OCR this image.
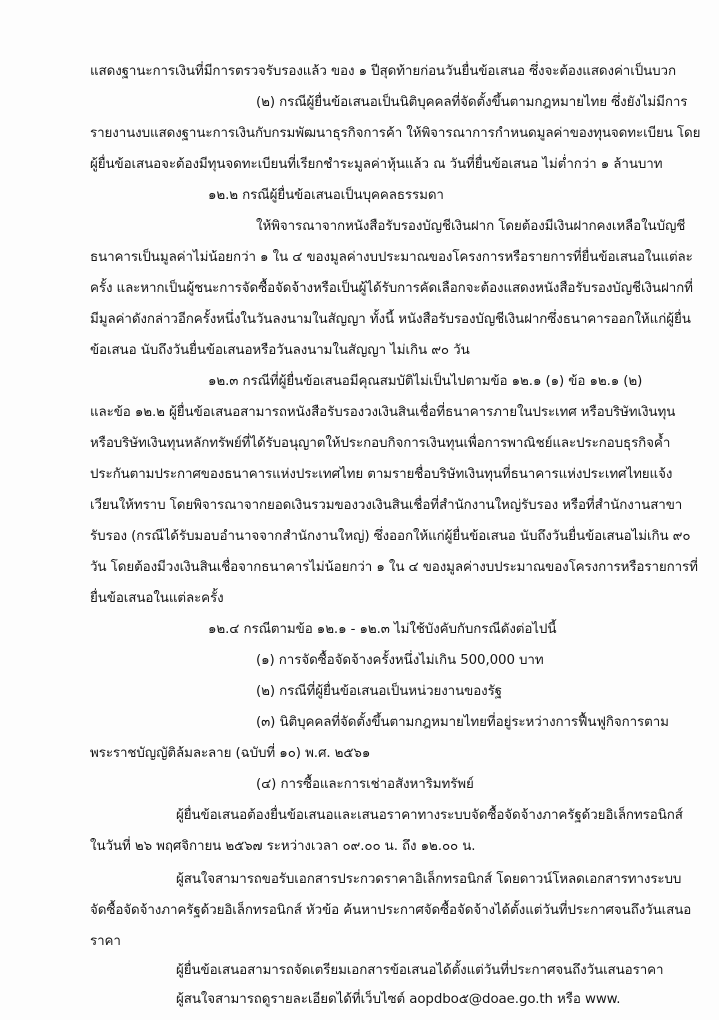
แสดงฐานะการเงินที่มีการตรวจรับรองแล้ว ของ ๑ ปีสุดท้ายก่อนวันยื่นข้อเสนอ ซึ่งจะต้องแสดงค่าเป็นบวก
(๒) กรณีผู้ยื่นข้อเสนอเป็นนิติบุคคลที่จัดตั้งขึ้นตามกฎหมายไทย ซึ่งยังไม่มีการ
รายงานงบแสดงฐานะการเงินกับกรมพัฒนาธุรกิจการค้า ให้พิจารณาการกำหนดมูลค่าของทุนจดทะเบียน โดย
ผู้ยื่นข้อเสนอจะต้องมีทุนจดทะเบียนที่เรียกชำระมูลค่าหุ้นแล้ว ณ วันที่ยื่นข้อเสนอ ไม่ต่ำกว่า ๑ ล้านบาท
๑๒.๒ กรณีผู้ยื่นข้อเสนอเป็นบุคคลธรรมดา
ให้พิจารณาจากหนังสือรับรองบัญชีเงินฝาก โดยต้องมีเงินฝากคงเหลือในบัญชี
ธนาคารเป็นมูลค่าไม่น้อยกว่า ๑ ใน ๔ ของมูลค่างบประมาณของโครงการหรือรายการที่ยื่นข้อเสนอในแต่ละ
ครั้ง และหากเป็นผู้ชนะการจัดซื้อจัดจ้างหรือเป็นผู้ได้รับการคัดเลือกจะต้องแสดงหนังสือรับรองบัญชีเงินฝากที่
มีมูลค่าดังกล่าวอีกครั้งหนึ่งในวันลงนามในสัญญา ทั้งนี้ หนังสือรับรองบัญชีเงินฝากซึ่งธนาคารออกให้แก่ผู้ยื่น
ข้อเสนอ นับถึงวันยื่นข้อเสนอหรือวันลงนามในสัญญา ไม่เกิน ๙๐ วัน
๑๒.๓ กรณีที่ผู้ยื่นข้อเสนอมีคุณสมบัติไม่เป็นไปตามข้อ ๑๒.๑ (๑) ข้อ ๑๒.๑ (๒)
และข้อ ๑๒.๒ ผู้ยื่นข้อเสนอสามารถหนังสือรับรองวงเงินสินเชื่อที่ธนาคารภายในประเทศ หรือบริษัทเงินทุน
หรือบริษัทเงินทุนหลักทรัพย์ที่ได้รับอนุญาตให้ประกอบกิจการเงินทุนเพื่อการพาณิชย์และประกอบธุรกิจค้ำ
ประกันตามประกาศของธนาคารแห่งประเทศไทย ตามรายชื่อบริษัทเงินทุนที่ธนาคารแห่งประเทศไทยแจ้ง
เวียนให้ทราบ โดยพิจารณาจากยอดเงินรวมของวงเงินสินเชื่อที่สำนักงานใหญ่รับรอง หรือที่สำนักงานสาขา
รับรอง (กรณีได้รับมอบอำนาจจากสำนักงานใหญ่) ซึ่งออกให้แก่ผู้ยื่นข้อเสนอ นับถึงวันยื่นข้อเสนอไม่เกิน ๙๐
วัน โดยต้องมีวงเงินสินเชื่อจากธนาคารไม่น้อยกว่า ๑ ใน ๔ ของมูลค่างบประมาณของโครงการหรือรายการที่
ยื่นข้อเสนอในแต่ละครั้ง
๑๒.๔ กรณีตามข้อ ๑๒.๑ - ๑๒.๓ ไม่ใช้บังคับกับกรณีดังต่อไปนี้
(๑) การจัดซื้อจัดจ้างครั้งหนึ่งไม่เกิน 500,000 บาท
(๒) กรณีที่ผู้ยื่นข้อเสนอเป็นหน่วยงานของรัฐ
(๓) นิติบุคคลที่จัดตั้งขึ้นตามกฎหมายไทยที่อยู่ระหว่างการฟื้นฟูกิจการตาม
พระราชบัญญัติล้มละลาย (ฉบับที่ ๑๐) พ.ศ. ๒๕๖๑
(๔) การซื้อและการเช่าอสังหาริมทรัพย์
ผู้ยื่นข้อเสนอต้องยื่นข้อเสนอและเสนอราคาทางระบบจัดซื้อจัดจ้างภาครัฐด้วยอิเล็กทรอนิกส์
ในวันที่ ๒๖ พฤศจิกายน ๒๕๖๗ ระหว่างเวลา ๐๙.๐๐ น. ถึง ๑๒.๐๐ น.
ผู้สนใจสามารถขอรับเอกสารประกวดราคาอิเล็กทรอนิกส์ โดยดาวน์โหลดเอกสารทางระบบ
จัดซื้อจัดจ้างภาครัฐด้วยอิเล็กทรอนิกส์ หัวข้อ ค้นหาประกาศจัดซื้อจัดจ้างได้ตั้งแต่วันที่ประกาศจนถึงวันเสนอ
ราคา
ผู้ยื่นข้อเสนอสามารถจัดเตรียมเอกสารข้อเสนอได้ตั้งแต่วันที่ประกาศจนถึงวันเสนอราคา
ผู้สนใจสามารถดูรายละเอียดได้ที่เว็บไซต์ aopdbo๕@doae.go.th หรือ www.
